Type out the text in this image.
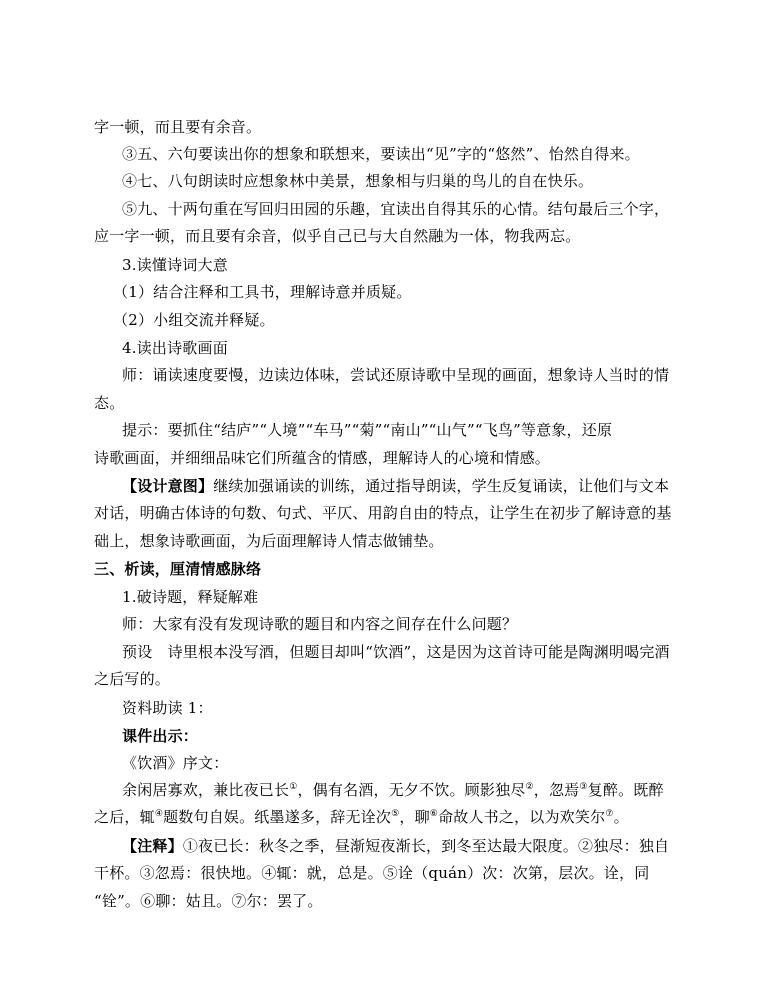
字一顿，而且要有余音。
③五、六句要读出你的想象和联想来，要读出“见”字的“悠然”、怡然自得来。
④七、八句朗读时应想象林中美景，想象相与归巢的鸟儿的自在快乐。
⑤九、十两句重在写回归田园的乐趣，宜读出自得其乐的心情。结句最后三个字，
应一字一顿，而且要有余音，似乎自己已与大自然融为一体，物我两忘。
3.读懂诗词大意
（1）结合注释和工具书，理解诗意并质疑。
（2）小组交流并释疑。
4.读出诗歌画面
师：诵读速度要慢，边读边体味，尝试还原诗歌中呈现的画面，想象诗人当时的情
态。
提示：要抓住“结庐”“人境”“车马”“菊”“南山”“山气”“飞鸟”等意象，还原
诗歌画面，并细细品味它们所蕴含的情感，理解诗人的心境和情感。
【设计意图】继续加强诵读的训练，通过指导朗读，学生反复诵读，让他们与文本
对话，明确古体诗的句数、句式、平仄、用韵自由的特点，让学生在初步了解诗意的基
础上，想象诗歌画面，为后面理解诗人情志做铺垫。
三、析读，厘清情感脉络
1.破诗题，释疑解难
师：大家有没有发现诗歌的题目和内容之间存在什么问题？
预设　诗里根本没写酒，但题目却叫“饮酒”，这是因为这首诗可能是陶渊明喝完酒
之后写的。
资料助读 1：
课件出示：
《饮酒》序文：
余闲居寡欢，兼比夜已长①，偶有名酒，无夕不饮。顾影独尽②，忽焉③复醉。既醉
之后，辄④题数句自娱。纸墨遂多，辞无诠次⑤，聊⑥命故人书之，以为欢笑尔⑦。
【注释】①夜已长：秋冬之季，昼渐短夜渐长，到冬至达最大限度。②独尽：独自
干杯。③忽焉：很快地。④辄：就，总是。⑤诠（quán）次：次第，层次。诠，同
“铨”。⑥聊：姑且。⑦尔：罢了。
